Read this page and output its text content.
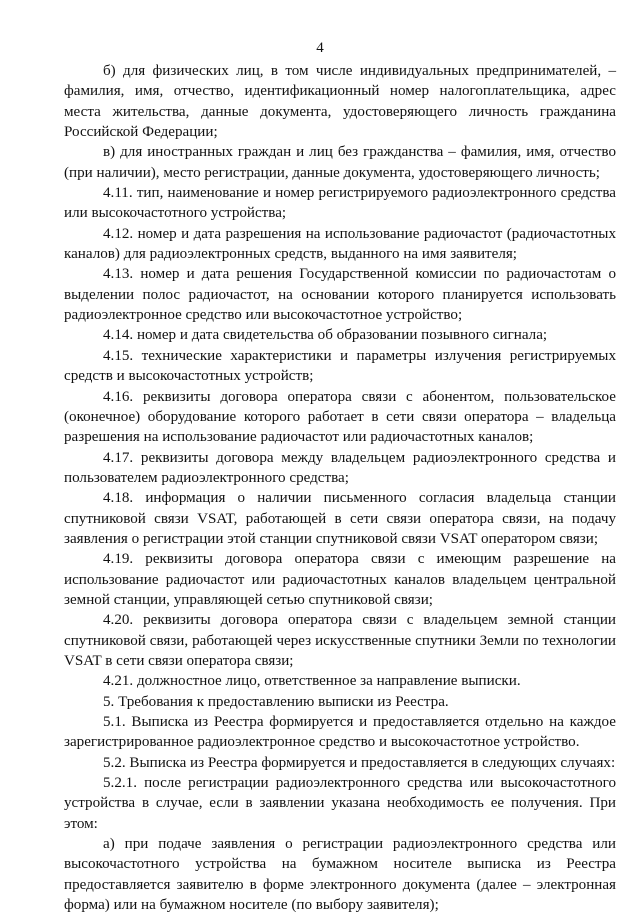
4

б) для физических лиц, в том числе индивидуальных предпринимателей, – фамилия, имя, отчество, идентификационный номер налогоплательщика, адрес места жительства, данные документа, удостоверяющего личность гражданина Российской Федерации;

в) для иностранных граждан и лиц без гражданства – фамилия, имя, отчество (при наличии), место регистрации, данные документа, удостоверяющего личность;

4.11. тип, наименование и номер регистрируемого радиоэлектронного средства или высокочастотного устройства;

4.12. номер и дата разрешения на использование радиочастот (радиочастотных каналов) для радиоэлектронных средств, выданного на имя заявителя;

4.13. номер и дата решения Государственной комиссии по радиочастотам о выделении полос радиочастот, на основании которого планируется использовать радиоэлектронное средство или высокочастотное устройство;

4.14. номер и дата свидетельства об образовании позывного сигнала;

4.15. технические характеристики и параметры излучения регистрируемых средств и высокочастотных устройств;

4.16. реквизиты договора оператора связи с абонентом, пользовательское (оконечное) оборудование которого работает в сети связи оператора – владельца разрешения на использование радиочастот или радиочастотных каналов;

4.17. реквизиты договора между владельцем радиоэлектронного средства и пользователем радиоэлектронного средства;

4.18. информация о наличии письменного согласия владельца станции спутниковой связи VSAT, работающей в сети связи оператора связи, на подачу заявления о регистрации этой станции спутниковой связи VSAT оператором связи;

4.19. реквизиты договора оператора связи с имеющим разрешение на использование радиочастот или радиочастотных каналов владельцем центральной земной станции, управляющей сетью спутниковой связи;

4.20. реквизиты договора оператора связи с владельцем земной станции спутниковой связи, работающей через искусственные спутники Земли по технологии VSAT в сети связи оператора связи;

4.21. должностное лицо, ответственное за направление выписки.

5. Требования к предоставлению выписки из Реестра.

5.1. Выписка из Реестра формируется и предоставляется отдельно на каждое зарегистрированное радиоэлектронное средство и высокочастотное устройство.

5.2. Выписка из Реестра формируется и предоставляется в следующих случаях:

5.2.1. после регистрации радиоэлектронного средства или высокочастотного устройства в случае, если в заявлении указана необходимость ее получения. При этом:

а) при подаче заявления о регистрации радиоэлектронного средства или высокочастотного устройства на бумажном носителе выписка из Реестра предоставляется заявителю в форме электронного документа (далее – электронная форма) или на бумажном носителе (по выбору заявителя);
